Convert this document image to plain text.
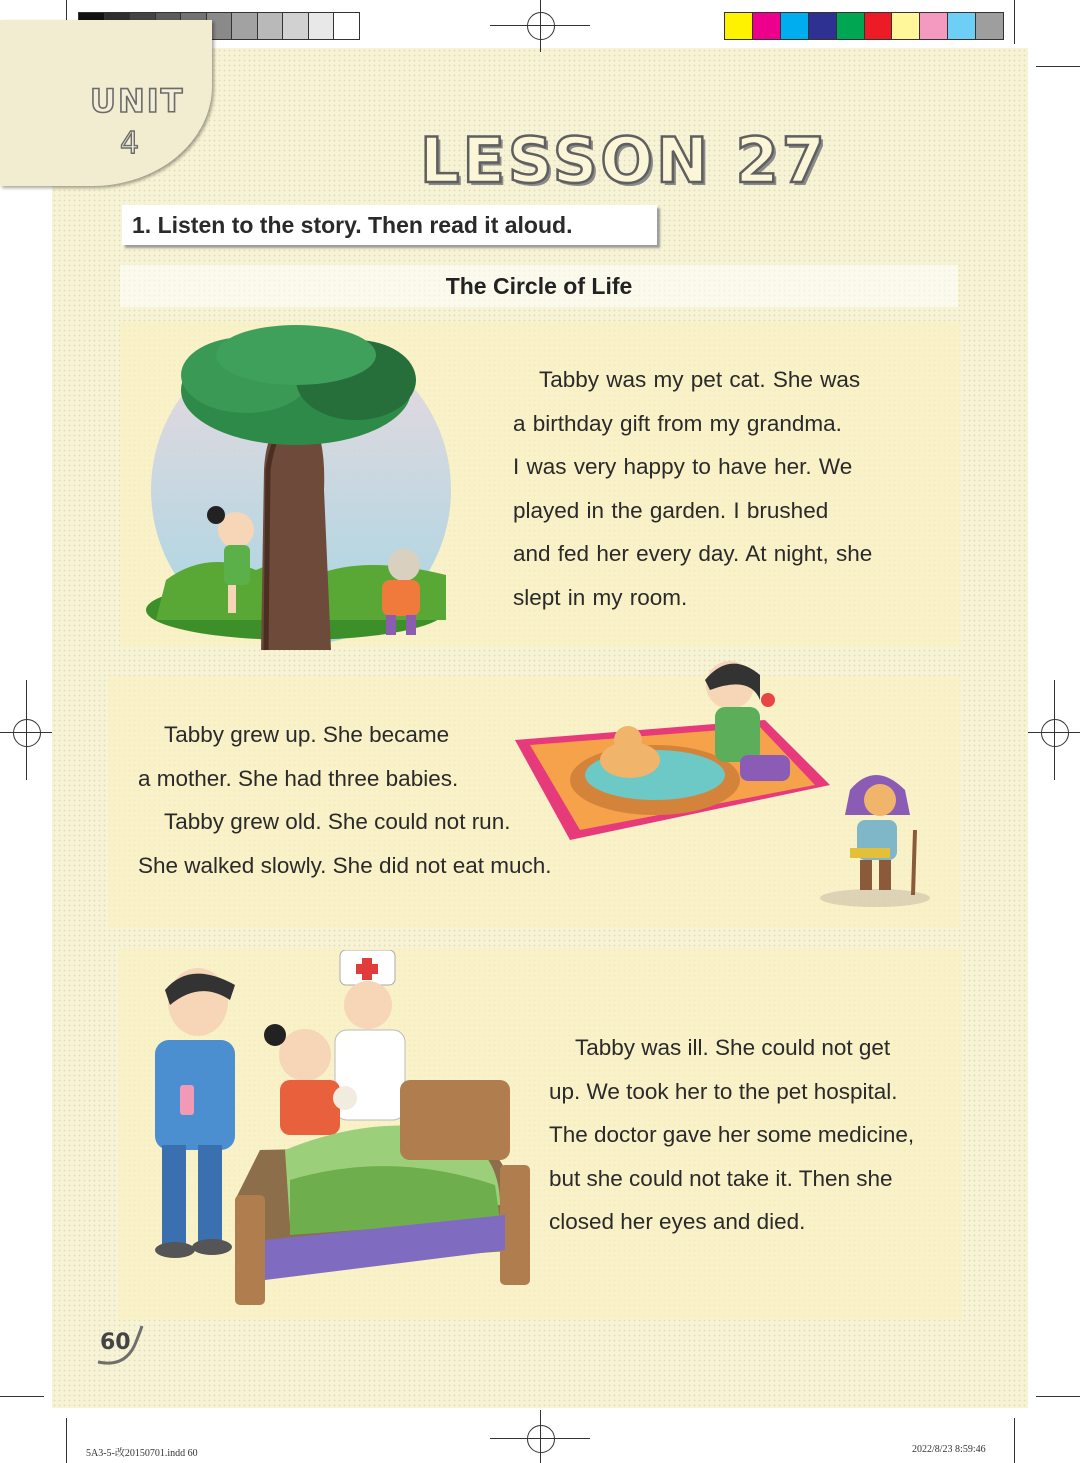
UNIT
4	LESSON 27
1. Listen to the story. Then read it aloud.
The Circle of Life
Tabby was my pet cat. She was
a birthday gift from my grandma.
I was very happy to have her. We
played in the garden. I brushed
and fed her every day. At night, she
slept in my room.
Tabby grew up. She became
a mother. She had three babies.
Tabby grew old. She could not run.
She walked slowly. She did not eat much.
Tabby was ill. She could not get
up. We took her to the pet hospital.
The doctor gave her some medicine,
but she could not take it. Then she
closed her eyes and died.
60
5A3-5-改20150701.indd 60	2022/8/23 8:59:46
